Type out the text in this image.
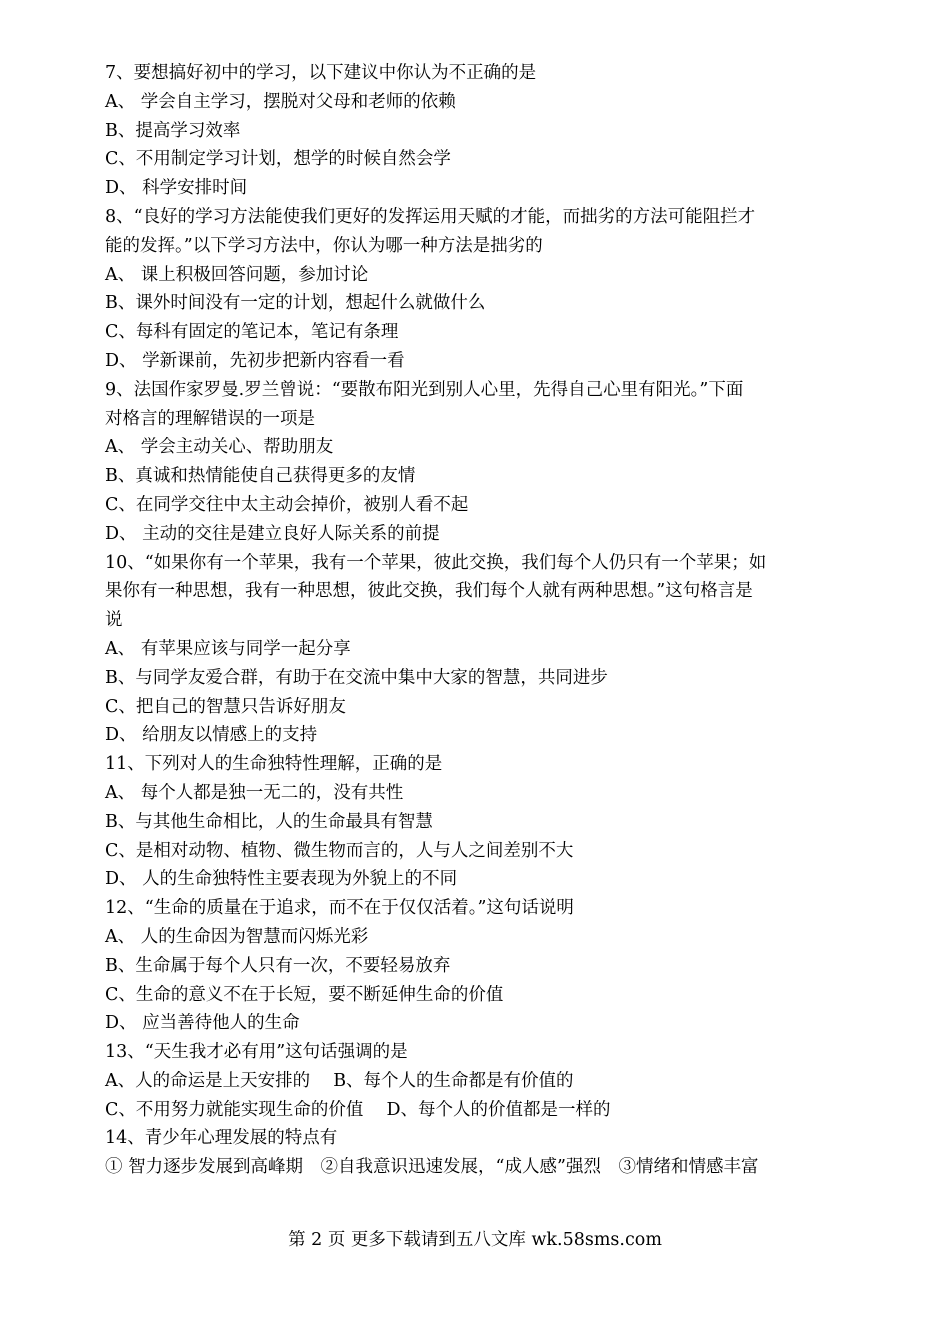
7、要想搞好初中的学习，以下建议中你认为不正确的是
A、 学会自主学习，摆脱对父母和老师的依赖
B、提高学习效率
C、不用制定学习计划，想学的时候自然会学
D、 科学安排时间
8、“良好的学习方法能使我们更好的发挥运用天赋的才能，而拙劣的方法可能阻拦才
能的发挥。”以下学习方法中，你认为哪一种方法是拙劣的
A、 课上积极回答问题，参加讨论
B、课外时间没有一定的计划，想起什么就做什么
C、每科有固定的笔记本，笔记有条理
D、 学新课前，先初步把新内容看一看
9、法国作家罗曼.罗兰曾说：“要散布阳光到别人心里，先得自己心里有阳光。”下面
对格言的理解错误的一项是
A、 学会主动关心、帮助朋友
B、真诚和热情能使自己获得更多的友情
C、在同学交往中太主动会掉价，被别人看不起
D、 主动的交往是建立良好人际关系的前提
10、“如果你有一个苹果，我有一个苹果，彼此交换，我们每个人仍只有一个苹果；如
果你有一种思想，我有一种思想，彼此交换，我们每个人就有两种思想。”这句格言是
说
A、 有苹果应该与同学一起分享
B、与同学友爱合群，有助于在交流中集中大家的智慧，共同进步
C、把自己的智慧只告诉好朋友
D、 给朋友以情感上的支持
11、下列对人的生命独特性理解，正确的是
A、 每个人都是独一无二的，没有共性
B、与其他生命相比，人的生命最具有智慧
C、是相对动物、植物、微生物而言的，人与人之间差别不大
D、 人的生命独特性主要表现为外貌上的不同
12、“生命的质量在于追求，而不在于仅仅活着。”这句话说明
A、 人的生命因为智慧而闪烁光彩
B、生命属于每个人只有一次，不要轻易放弃
C、生命的意义不在于长短，要不断延伸生命的价值
D、 应当善待他人的生命
13、“天生我才必有用”这句话强调的是
A、人的命运是上天安排的　 B、每个人的生命都是有价值的
C、不用努力就能实现生命的价值　 D、每个人的价值都是一样的
14、青少年心理发展的特点有
① 智力逐步发展到高峰期　②自我意识迅速发展，“成人感”强烈　③情绪和情感丰富
第 2 页 更多下载请到五八文库 wk.58sms.com
